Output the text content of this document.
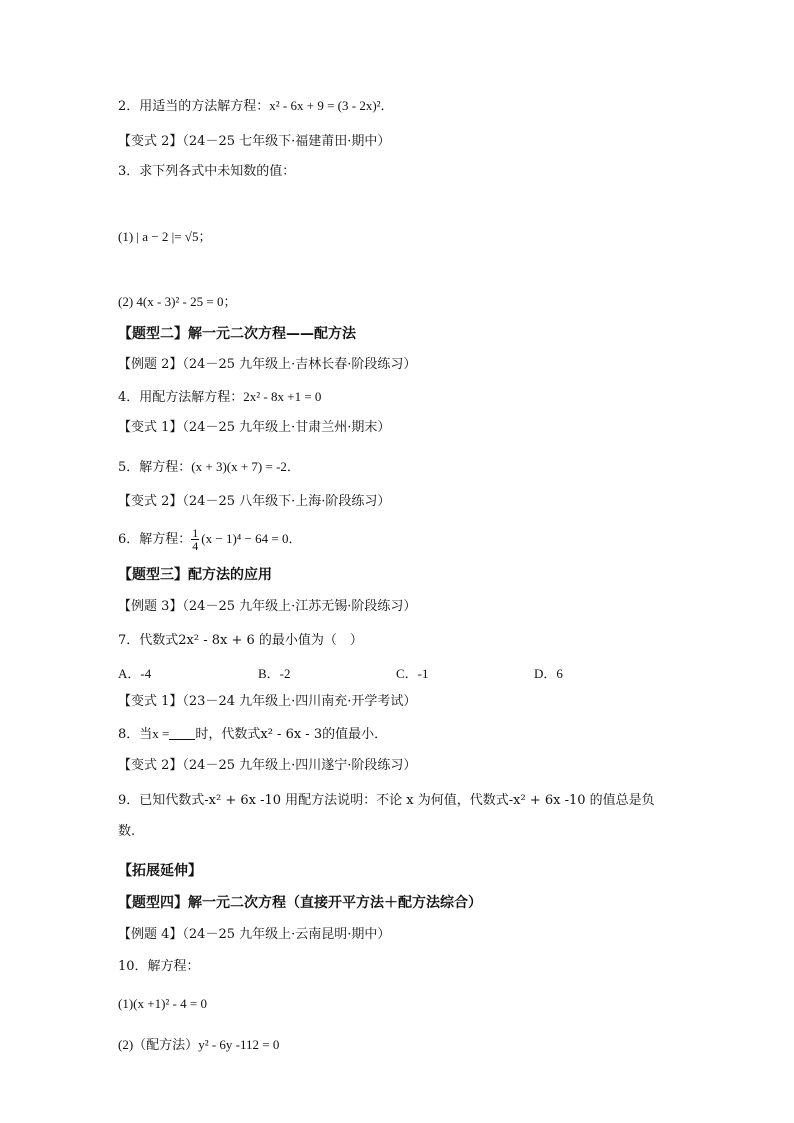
2．用适当的方法解方程：x² - 6x + 9 = (3 - 2x)²．
【变式 2】（24－25 七年级下·福建莆田·期中）
3．求下列各式中未知数的值：
(1) | a − 2 |= √5；
(2) 4(x - 3)² - 25 = 0；
【题型二】解一元二次方程——配方法
【例题 2】（24－25 九年级上·吉林长春·阶段练习）
4．用配方法解方程：2x² - 8x +1 = 0
【变式 1】（24－25 九年级上·甘肃兰州·期末）
5．解方程：(x + 3)(x + 7) = -2．
【变式 2】（24－25 八年级下·上海·阶段练习）
6．解方程： $\frac{1}{4} (x - 1)^4 - 64 = 0$．
【题型三】配方法的应用
【例题 3】（24－25 九年级上·江苏无锡·阶段练习）
7．代数式2x² - 8x + 6 的最小值为（　）
A．-4	B．-2	C．-1	D．6
【变式 1】（23－24 九年级上·四川南充·开学考试）
8．当x = 时，代数式x² - 6x - 3的值最小．
【变式 2】（24－25 九年级上·四川遂宁·阶段练习）
9．已知代数式-x² + 6x -10 用配方法说明：不论 x 为何值，代数式-x² + 6x -10 的值总是负
数.
【拓展延伸】
【题型四】解一元二次方程（直接开平方法＋配方法综合）
【例题 4】（24－25 九年级上·云南昆明·期中）
10．解方程：
(1)(x +1)² - 4 = 0
(2)（配方法）y² - 6y -112 = 0
